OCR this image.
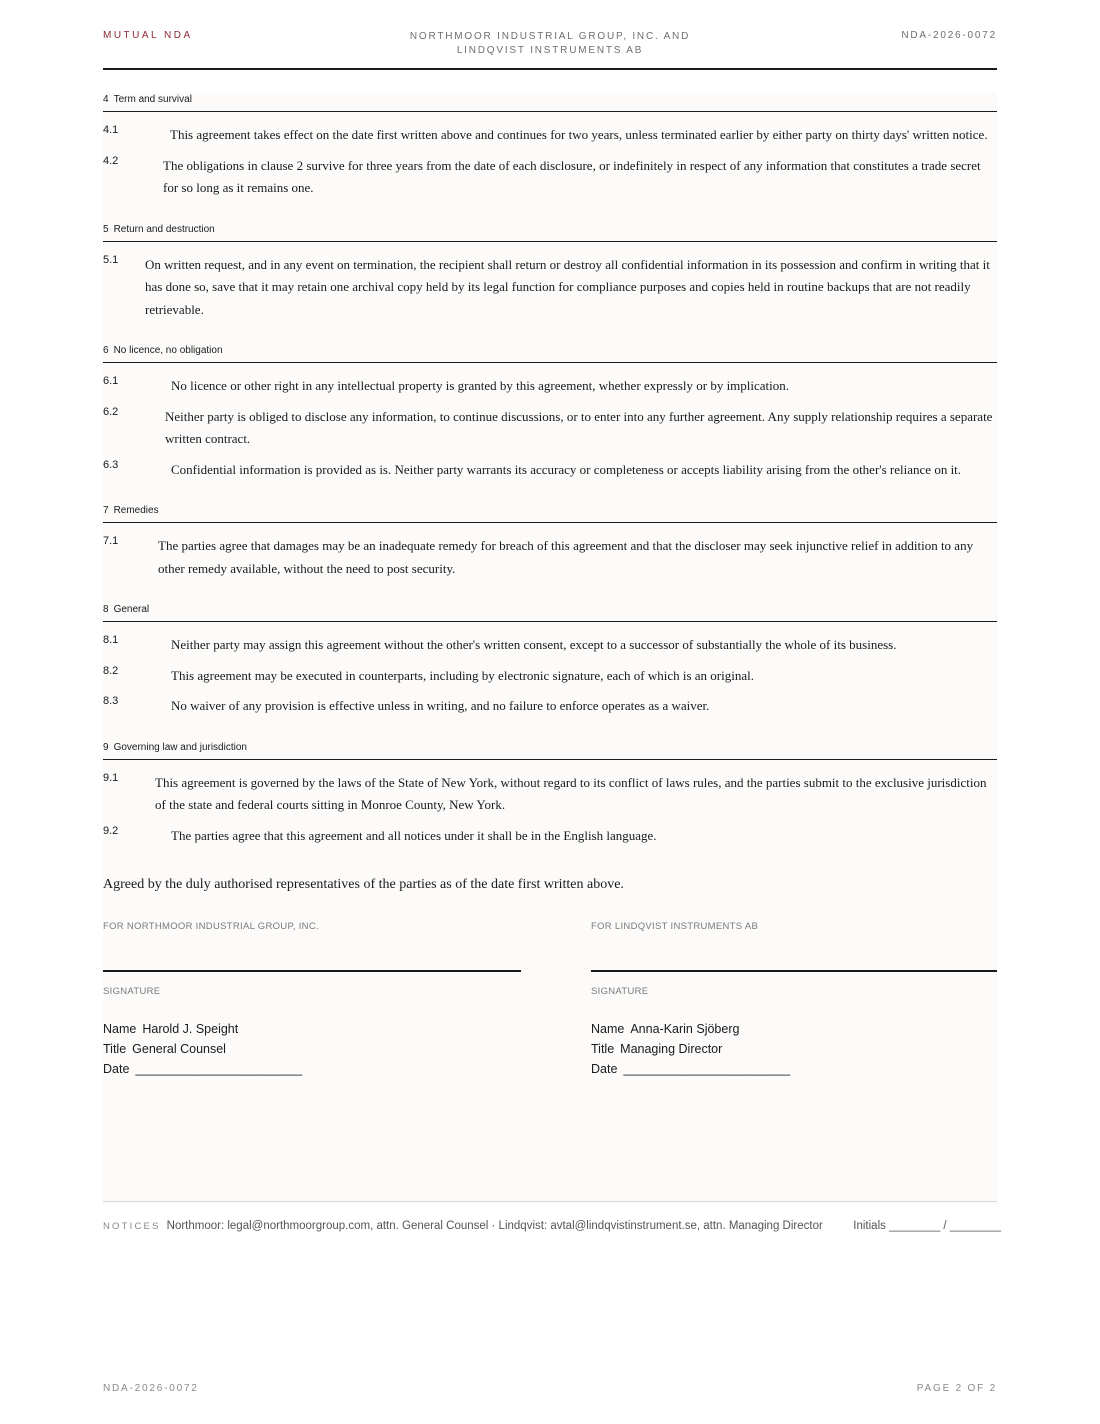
MUTUAL NDA	NORTHMOOR INDUSTRIAL GROUP, INC. AND
LINDQVIST INSTRUMENTS AB
NDA-2026-0072
4 Term and survival
4.1	This agreement takes effect on the date first written above and continues for two years, unless terminated earlier by either party on thirty days' written notice.
4.2	The obligations in clause 2 survive for three years from the date of each disclosure, or indefinitely in respect of any information that constitutes a trade secret for so long as it remains one.
5 Return and destruction
5.1	On written request, and in any event on termination, the recipient shall return or destroy all confidential information in its possession and confirm in writing that it has done so, save that it may retain one archival copy held by its legal function for compliance purposes and copies held in routine backups that are not readily retrievable.
6 No licence, no obligation
6.1	No licence or other right in any intellectual property is granted by this agreement, whether expressly or by implication.
6.2	Neither party is obliged to disclose any information, to continue discussions, or to enter into any further agreement. Any supply relationship requires a separate written contract.
6.3	Confidential information is provided as is. Neither party warrants its accuracy or completeness or accepts liability arising from the other's reliance on it.
7 Remedies
7.1	The parties agree that damages may be an inadequate remedy for breach of this agreement and that the discloser may seek injunctive relief in addition to any other remedy available, without the need to post security.
8 General
8.1	Neither party may assign this agreement without the other's written consent, except to a successor of substantially the whole of its business.
8.2	This agreement may be executed in counterparts, including by electronic signature, each of which is an original.
8.3	No waiver of any provision is effective unless in writing, and no failure to enforce operates as a waiver.
9 Governing law and jurisdiction
9.1	This agreement is governed by the laws of the State of New York, without regard to its conflict of laws rules, and the parties submit to the exclusive jurisdiction of the state and federal courts sitting in Monroe County, New York.
9.2	The parties agree that this agreement and all notices under it shall be in the English language.
Agreed by the duly authorised representatives of the parties as of the date first written above.
FOR NORTHMOOR INDUSTRIAL GROUP, INC.
SIGNATURE
Name Harold J. Speight
Title General Counsel
Date ________________________
FOR LINDQVIST INSTRUMENTS AB
SIGNATURE
Name Anna-Karin Sjöberg
Title Managing Director
Date ________________________
NOTICES Northmoor: legal@northmoorgroup.com, attn. General Counsel · Lindqvist: avtal@lindqvistinstrument.se, attn. Managing Director	Initials ________ / ________
NDA-2026-0072	PAGE 2 OF 2
